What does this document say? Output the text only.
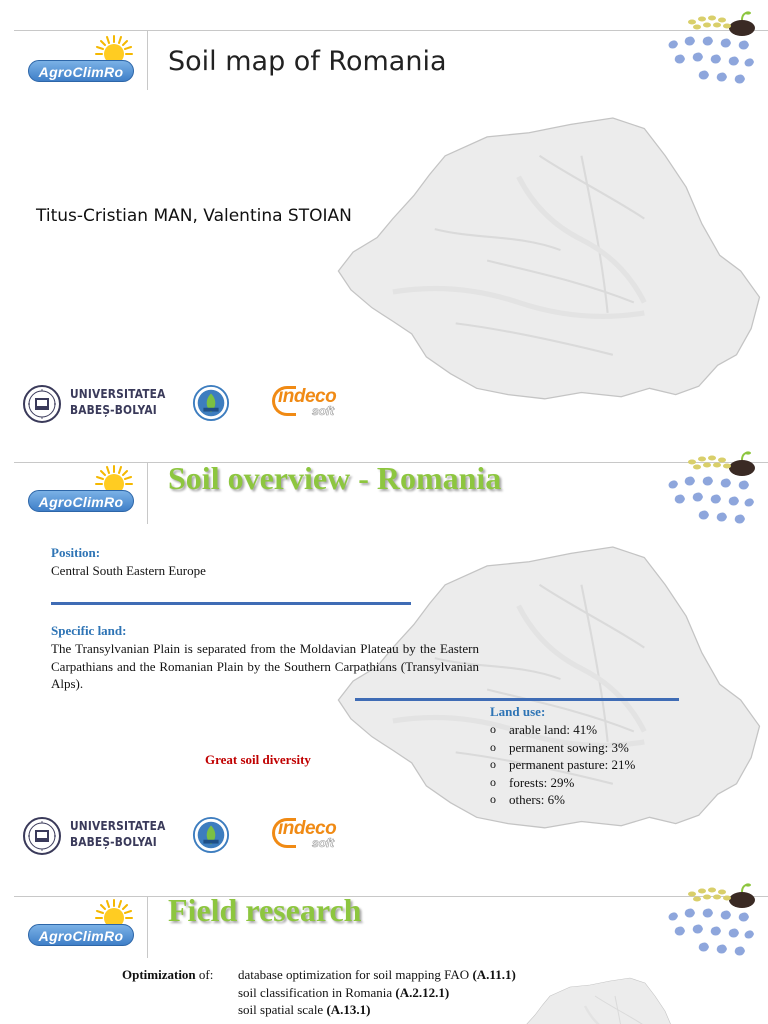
AgroClimRo	Soil map of Romania
Titus-Cristian MAN, Valentina STOIAN
UNIVERSITATEA
BABEȘ-BOLYAI
indeco
soft
AgroClimRo
Soil overview - Romania
Position:
Central South Eastern Europe
Specific land:
The Transylvanian Plain is separated from the Moldavian Plateau by the Eastern Carpathians and the Romanian Plain by the Southern Carpathians (Transylvanian Alps).
Great soil diversity
Land use:
o arable land: 41%
o permanent sowing: 3%
o permanent pasture: 21%
o forests: 29%
o others: 6%
UNIVERSITATEA
BABEȘ-BOLYAI
indeco
soft
AgroClimRo
Field research
Optimization of: database optimization for soil mapping FAO (A.11.1)
soil classification in Romania (A.2.12.1)
soil spatial scale (A.13.1)
